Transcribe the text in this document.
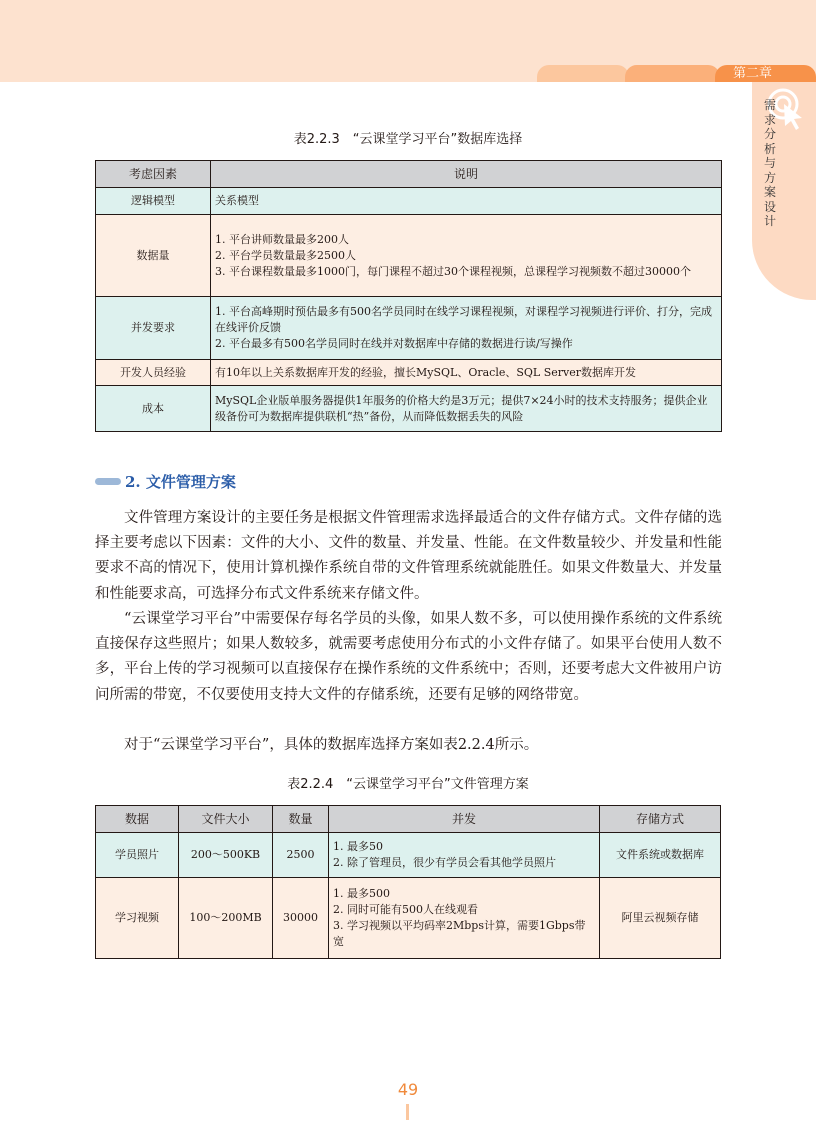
第二章
需求分析与方案设计
表2.2.3　“云课堂学习平台”数据库选择
考虑因素	说明
逻辑模型	关系模型

数据量	1. 平台讲师数量最多200人
2. 平台学员数量最多2500人
3. 平台课程数量最多1000门，每门课程不超过30个课程视频，总课程学习视频数不超过30000个

并发要求	1. 平台高峰期时预估最多有500名学员同时在线学习课程视频，对课程学习视频进行评价、打分，完成在线评价反馈
2. 平台最多有500名学员同时在线并对数据库中存储的数据进行读/写操作

开发人员经验	有10年以上关系数据库开发的经验，擅长MySQL、Oracle、SQL Server数据库开发

成本	MySQL企业版单服务器提供1年服务的价格大约是3万元；提供7×24小时的技术支持服务；提供企业级备份可为数据库提供联机“热”备份，从而降低数据丢失的风险
2. 文件管理方案
文件管理方案设计的主要任务是根据文件管理需求选择最适合的文件存储方式。文件存储的选择主要考虑以下因素：文件的大小、文件的数量、并发量、性能。在文件数量较少、并发量和性能要求不高的情况下，使用计算机操作系统自带的文件管理系统就能胜任。如果文件数量大、并发量和性能要求高，可选择分布式文件系统来存储文件。
“云课堂学习平台”中需要保存每名学员的头像，如果人数不多，可以使用操作系统的文件系统直接保存这些照片；如果人数较多，就需要考虑使用分布式的小文件存储了。如果平台使用人数不多，平台上传的学习视频可以直接保存在操作系统的文件系统中；否则，还要考虑大文件被用户访问所需的带宽，不仅要使用支持大文件的存储系统，还要有足够的网络带宽。
对于“云课堂学习平台”，具体的数据库选择方案如表2.2.4所示。
表2.2.4　“云课堂学习平台”文件管理方案
数据	文件大小	数量	并发	存储方式
学员照片	200～500KB	2500	1. 最多50
2. 除了管理员，很少有学员会看其他学员照片	文件系统或数据库
学习视频	100～200MB	30000	1. 最多500
2. 同时可能有500人在线观看
3. 学习视频以平均码率2Mbps计算，需要1Gbps带宽	阿里云视频存储
49
